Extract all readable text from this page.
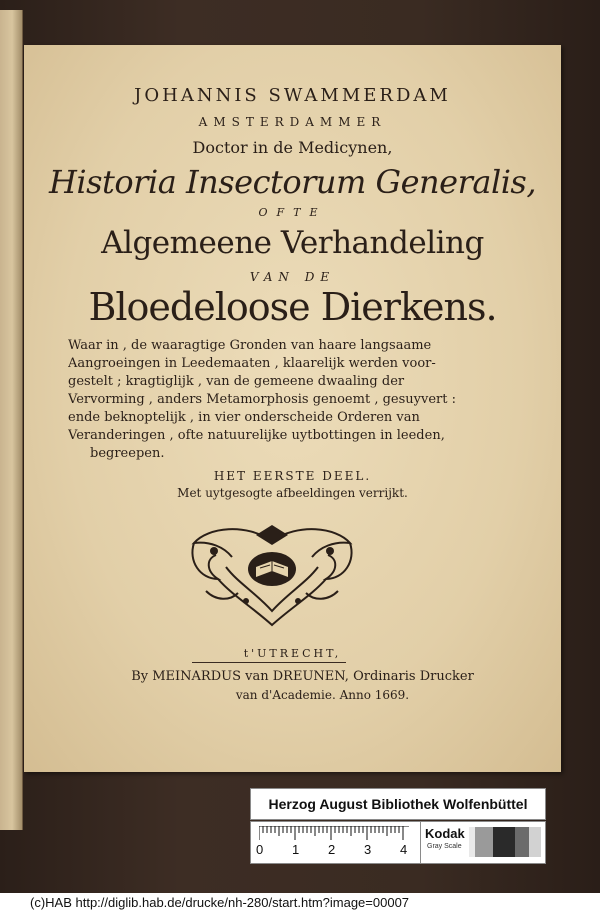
JOHANNIS SWAMMERDAM
AMSTERDAMMER
Doctor in de Medicynen,
Historia Insectorum Generalis,
OFTE
Algemeene Verhandeling
VAN DE
Bloedeloose Dierkens.
Waar in , de waaragtige Gronden van haare langsaame
Aangroeingen in Leedemaaten , klaarelijk werden voor-
gestelt ; kragtiglijk , van de gemeene dwaaling der
Vervorming , anders Metamorphosis genoemt , gesuyvert :
ende beknoptelijk , in vier onderscheide Orderen van
Veranderingen , ofte natuurelijke uytbottingen in leeden,
begreepen.
HET EERSTE DEEL.
Met uytgesogte afbeeldingen verrijkt.
t'UTRECHT,
By MEINARDUS van DREUNEN, Ordinaris Drucker
van d'Academie. Anno 1669.
Herzog August Bibliothek Wolfenbüttel
0 1 2 3 4
Kodak
Gray Scale
(c)HAB http://diglib.hab.de/drucke/nh-280/start.htm?image=00007
